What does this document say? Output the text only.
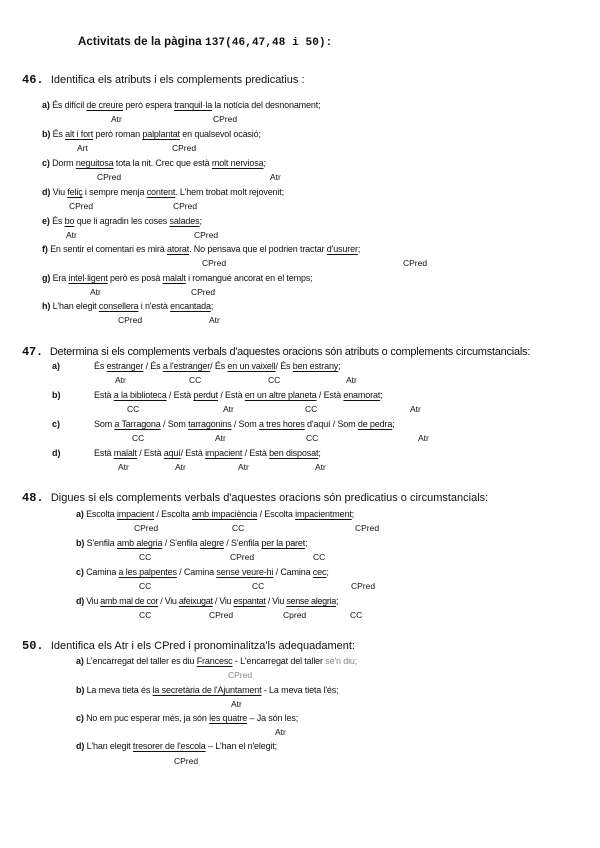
Activitats de la pàgina 137(46,47,48 i 50):
46. Identifica els atributs i els complements predicatius :
a) És difícil de creure però espera tranquil·la la notícia del desnonament;
Atr	CPred
b) És alt i fort però roman palplantat en qualsevol ocasió;
Art	CPred
c) Dorm neguitosa tota la nit. Crec que està molt nerviosa;
CPred	Atr
d) Viu feliç i sempre menja content. L'hem trobat molt rejovenit;
CPred	CPred
e) És bo que li agradin les coses salades;
Atr	CPred
f) En sentir el comentari es mirà atorat. No pensava que el podrien tractar d'usurer;
CPred	CPred
g) Era intel·ligent però es posà malalt i romangué ancorat en el temps;
Atr	CPred
h) L'han elegit consellera i n'està encantada;
CPred	Atr
47. Determina si els complements verbals d'aquestes oracions són atributs o complements circumstancials:
a)	És estranger / És a l'estranger/ És en un vaixell/ És ben estrany;
Atr	CC	CC	Atr
b)	Està a la biblioteca / Està perdut / Està en un altre planeta / Està enamorat;
CC	Atr	CC	Atr
c)	Som a Tarragona / Som tarragonins / Som a tres hores d'aquí / Som de pedra;
CC	Atr	CC	Atr
d)	Està malalt / Està aquí/ Està impacient / Està ben disposat;
Atr	Atr	Atr	Atr
48. Digues si els complements verbals d'aquestes oracions són predicatius o circumstancials:
a) Escolta impacient / Escolta amb impaciència / Escolta impacientment;
CPred	CC	CPred
b) S'enfila amb alegria / S'enfila alegre / S'enfila per la paret;
CC	CPred	CC
c) Camina a les palpentes / Camina sense veure-hi / Camina cec;
CC	CC	CPred
d) Viu amb mal de cor / Viu afeixugat / Viu espantat / Viu sense alegria;
CC	CPred	Cpred	CC
50. Identifica els Atr i els CPred i pronominalitza'ls adequadament:
a) L'encarregat del taller es diu Francesc - L'encarregat del taller se'n diu;
CPred
b) La meva tieta és la secretària de l'Ajuntament - La meva tieta l'és;
Atr
c) No em puc esperar més, ja són les quatre – Ja són les;
Atr
d) L'han elegit tresorer de l'escola – L'han el n'elegit;
CPred
